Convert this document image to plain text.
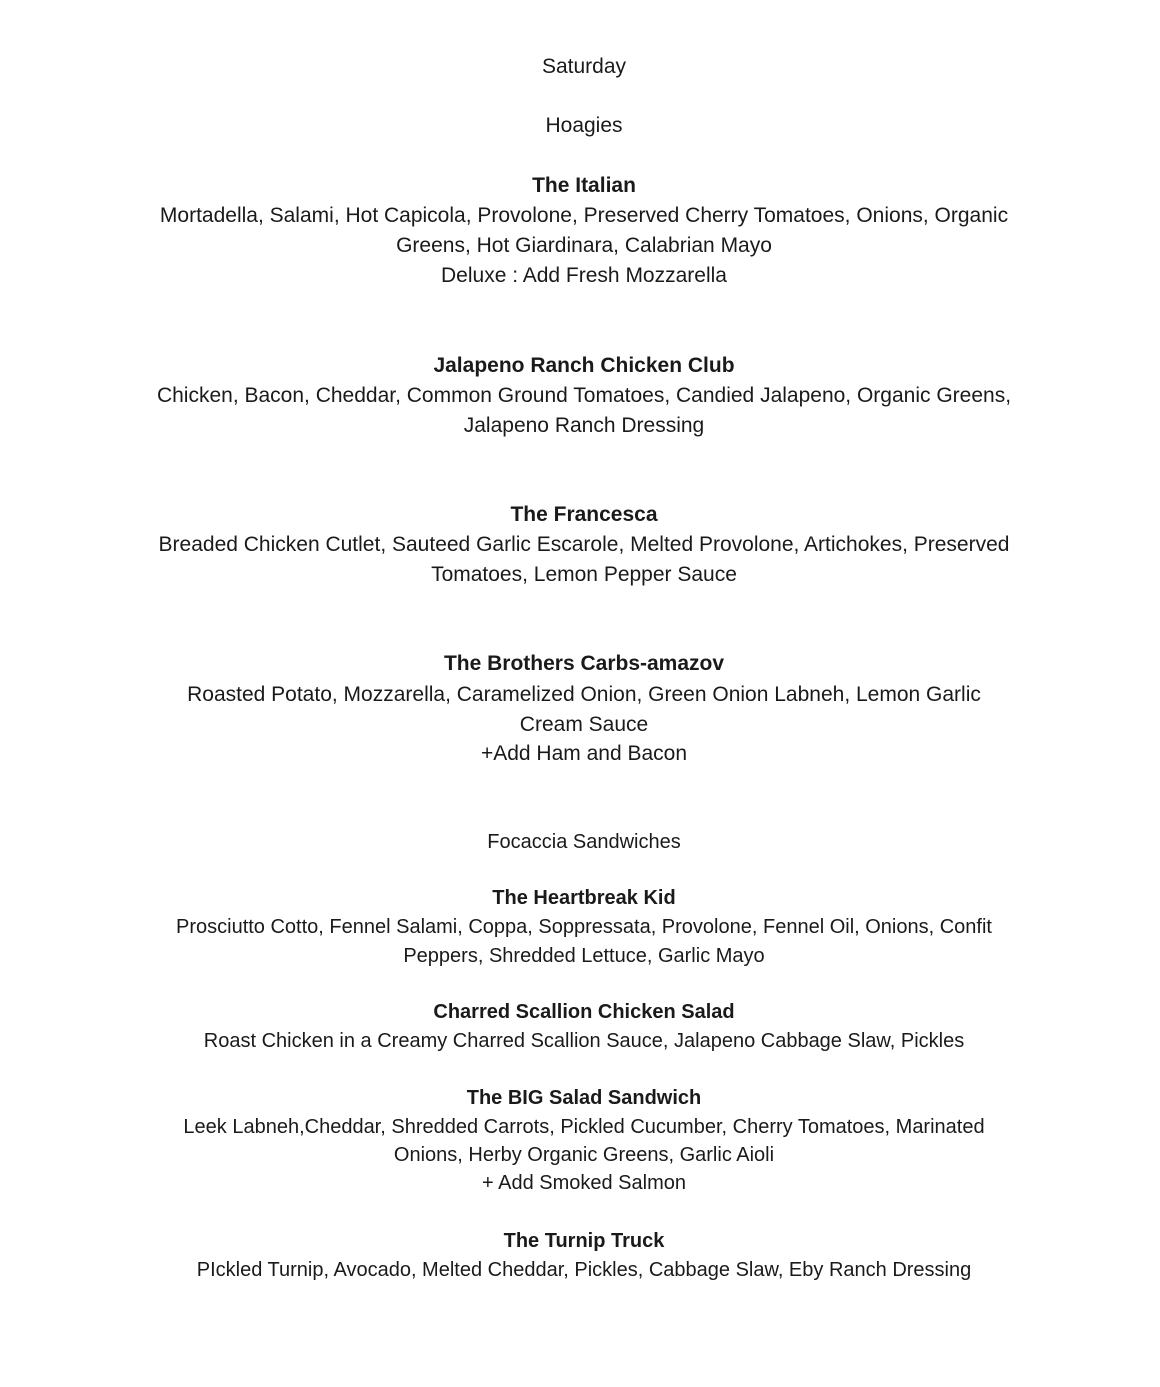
Saturday
Hoagies
The Italian
Mortadella, Salami, Hot Capicola, Provolone, Preserved Cherry Tomatoes, Onions, Organic
Greens, Hot Giardinara, Calabrian Mayo
Deluxe : Add Fresh Mozzarella
Jalapeno Ranch Chicken Club
Chicken, Bacon, Cheddar, Common Ground Tomatoes, Candied Jalapeno, Organic Greens,
Jalapeno Ranch Dressing
The Francesca
Breaded Chicken Cutlet, Sauteed Garlic Escarole, Melted Provolone, Artichokes, Preserved
Tomatoes, Lemon Pepper Sauce
The Brothers Carbs-amazov
Roasted Potato, Mozzarella, Caramelized Onion, Green Onion Labneh, Lemon Garlic
Cream Sauce
+Add Ham and Bacon
Focaccia Sandwiches
The Heartbreak Kid
Prosciutto Cotto, Fennel Salami, Coppa, Soppressata, Provolone, Fennel Oil, Onions, Confit
Peppers, Shredded Lettuce, Garlic Mayo
Charred Scallion Chicken Salad
Roast Chicken in a Creamy Charred Scallion Sauce, Jalapeno Cabbage Slaw, Pickles
The BIG Salad Sandwich
Leek Labneh,Cheddar, Shredded Carrots, Pickled Cucumber, Cherry Tomatoes, Marinated
Onions, Herby Organic Greens, Garlic Aioli
+ Add Smoked Salmon
The Turnip Truck
PIckled Turnip, Avocado, Melted Cheddar, Pickles, Cabbage Slaw, Eby Ranch Dressing
